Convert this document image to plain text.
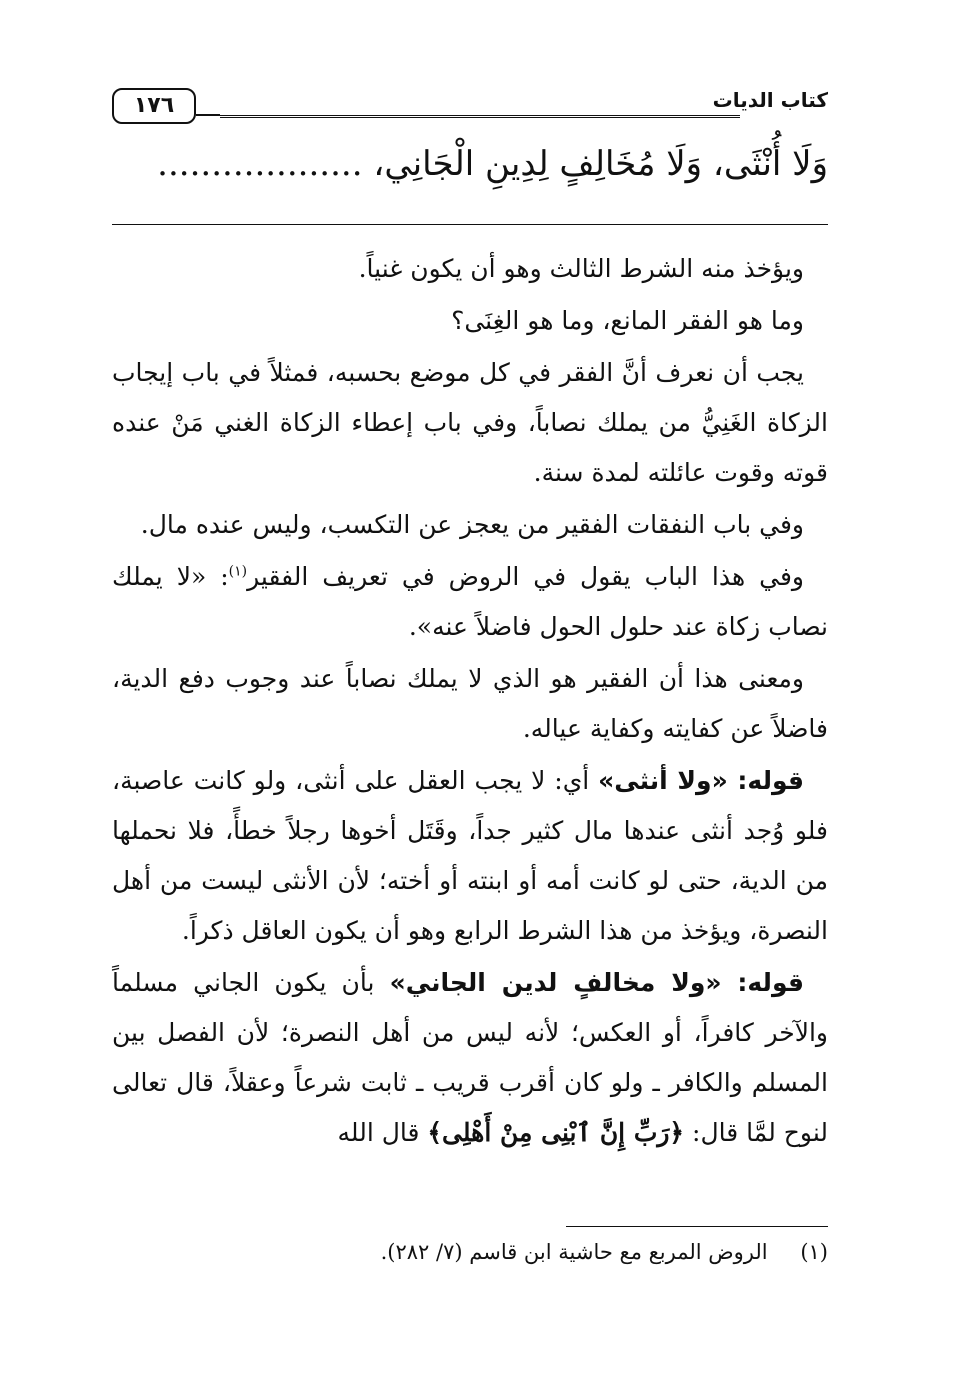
كتاب الديات
١٧٦
وَلَا أُنْثَى، وَلَا مُخَالِفٍ لِدِينِ الْجَانِي، ...................

ويؤخذ منه الشرط الثالث وهو أن يكون غنياً.

وما هو الفقر المانع، وما هو الغِنَى؟

يجب أن نعرف أنَّ الفقر في كل موضع بحسبه، فمثلاً في باب إيجاب الزكاة الغَنِيُّ من يملك نصاباً، وفي باب إعطاء الزكاة الغني مَنْ عنده قوته وقوت عائلته لمدة سنة.

وفي باب النفقات الفقير من يعجز عن التكسب، وليس عنده مال.

وفي هذا الباب يقول في الروض في تعريف الفقير$^{(١)}$: «لا يملك نصاب زكاة عند حلول الحول فاضلاً عنه».

ومعنى هذا أن الفقير هو الذي لا يملك نصاباً عند وجوب دفع الدية، فاضلاً عن كفايته وكفاية عياله.

قوله: «ولا أنثى» أي: لا يجب العقل على أنثى، ولو كانت عاصبة، فلو وُجد أنثى عندها مال كثير جداً، وقَتَل أخوها رجلاً خطأً، فلا نحملها من الدية، حتى لو كانت أمه أو ابنته أو أخته؛ لأن الأنثى ليست من أهل النصرة، ويؤخذ من هذا الشرط الرابع وهو أن يكون العاقل ذكراً.

قوله: «ولا مخالفٍ لدين الجاني» بأن يكون الجاني مسلماً والآخر كافراً، أو العكس؛ لأنه ليس من أهل النصرة؛ لأن الفصل بين المسلم والكافر ـ ولو كان أقرب قريب ـ ثابت شرعاً وعقلاً، قال تعالى لنوح لمَّا قال: ﴿رَبِّ إِنَّ ٱبْنِى مِنْ أَهْلِى﴾ قال الله

(١) الروض المربع مع حاشية ابن قاسم (٧/ ٢٨٢).
